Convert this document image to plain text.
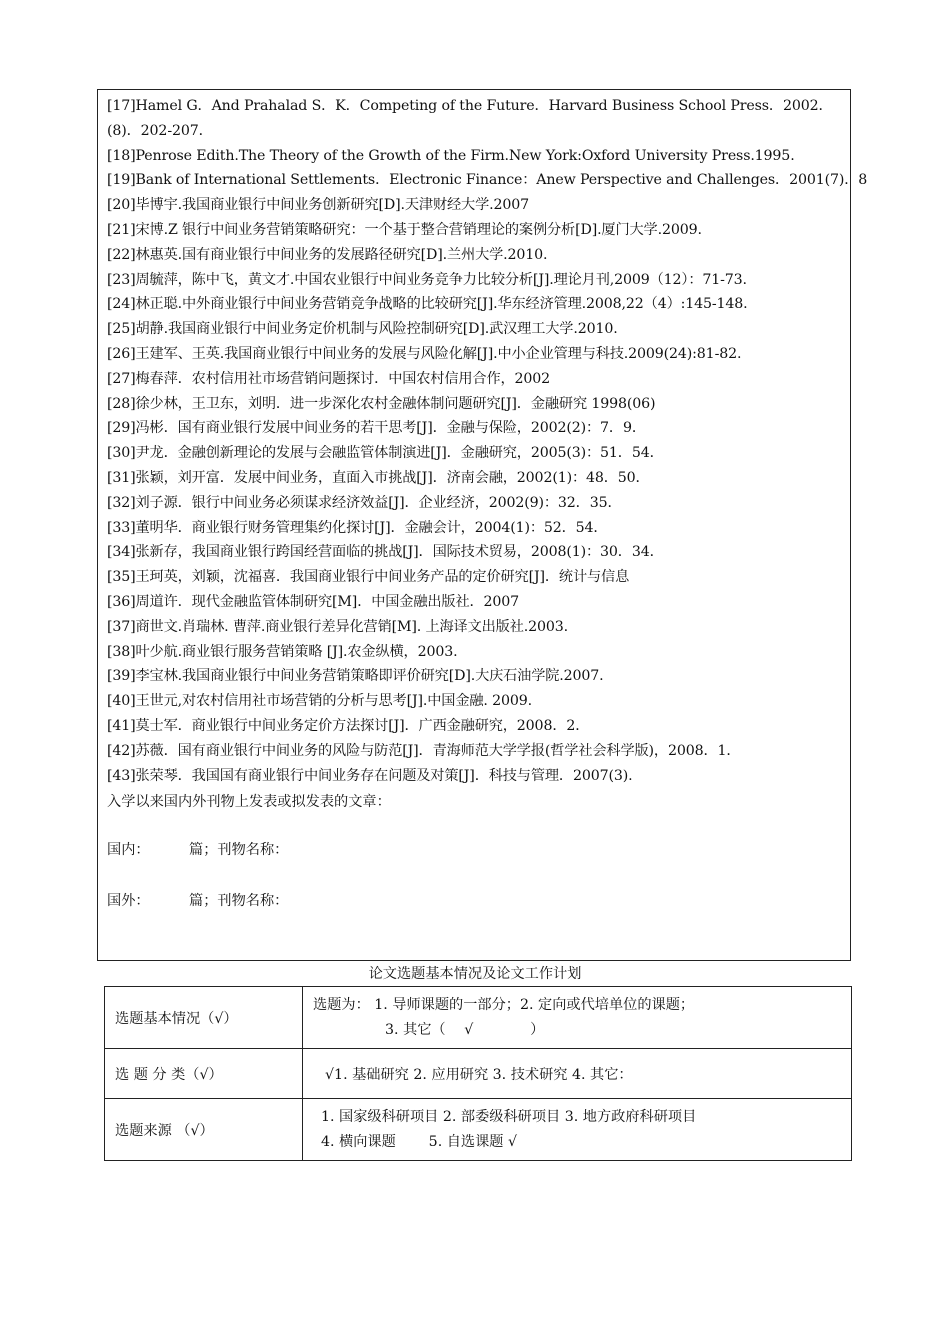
[17]Hamel G．And Prahalad S．K．Competing of the Future．Harvard Business School Press．2002．(8)．202-207．
[18]Penrose Edith.The Theory of the Growth of the Firm.New York:Oxford University Press.1995.
[19]Bank of International Settlements．Electronic Finance：Anew Perspective and Challenges．2001(7)．8
[20]毕博宇.我国商业银行中间业务创新研究[D].天津财经大学.2007
[21]宋博.Z 银行中间业务营销策略研究：一个基于整合营销理论的案例分析[D].厦门大学.2009.
[22]林惠英.国有商业银行中间业务的发展路径研究[D].兰州大学.2010.
[23]周毓萍，陈中飞，黄文才.中国农业银行中间业务竞争力比较分析[J].理论月刊,2009（12）：71-73.
[24]林正聪.中外商业银行中间业务营销竞争战略的比较研究[J].华东经济管理.2008,22（4）:145-148.
[25]胡静.我国商业银行中间业务定价机制与风险控制研究[D].武汉理工大学.2010.
[26]王建军、王英.我国商业银行中间业务的发展与风险化解[J].中小企业管理与科技.2009(24):81-82.
[27]梅春萍．农村信用社市场营销问题探讨．中国农村信用合作，2002
[28]徐少林，王卫东，刘明．进一步深化农村金融体制问题研究[J]．金融研究 1998(06)
[29]冯彬．国有商业银行发展中间业务的若干思考[J]．金融与保险，2002(2)：7．9．
[30]尹龙．金融创新理论的发展与会融监管体制演进[J]．金融研究，2005(3)：51．54．
[31]张颖，刘开富．发展中间业务，直面入市挑战[J]．济南会融，2002(1)：48．50．
[32]刘子源．银行中间业务必须谋求经济效益[J]．企业经济，2002(9)：32．35．
[33]董明华．商业银行财务管理集约化探讨[J]．金融会计，2004(1)：52．54．
[34]张新存，我国商业银行跨国经营面临的挑战[J]．国际技术贸易，2008(1)：30．34．
[35]王珂英，刘颖，沈福喜．我国商业银行中间业务产品的定价研究[J]．统计与信息
[36]周道许．现代金融监管体制研究[M]．中国金融出版社．2007
[37]商世文.肖瑞林. 曹萍.商业银行差异化营销[M]. 上海译文出版社.2003.
[38]叶少航.商业银行服务营销策略 [J].农金纵横，2003.
[39]李宝林.我国商业银行中间业务营销策略即评价研究[D].大庆石油学院.2007.
[40]王世元,对农村信用社市场营销的分析与思考[J].中国金融. 2009.
[41]莫士军．商业银行中间业务定价方法探讨[J]．广西金融研究，2008．2．
[42]苏薇．国有商业银行中间业务的风险与防范[J]．青海师范大学学报(哲学社会科学版)，2008．1．
[43]张荣琴．我国国有商业银行中间业务存在问题及对策[J]．科技与管理．2007(3).
入学以来国内外刊物上发表或拟发表的文章：
国内：	篇；刊物名称：
国外：	篇；刊物名称：
论文选题基本情况及论文工作计划
选题基本情况（√）	选题为： 1. 导师课题的一部分；2. 定向或代培单位的课题；
3. 其它（　 √　　　　）

选 题 分 类（√）	√1. 基础研究 2. 应用研究 3. 技术研究 4. 其它：
选题来源 （√）	1. 国家级科研项目 2. 部委级科研项目 3. 地方政府科研项目
4. 横向课题　　 5. 自选课题 √
